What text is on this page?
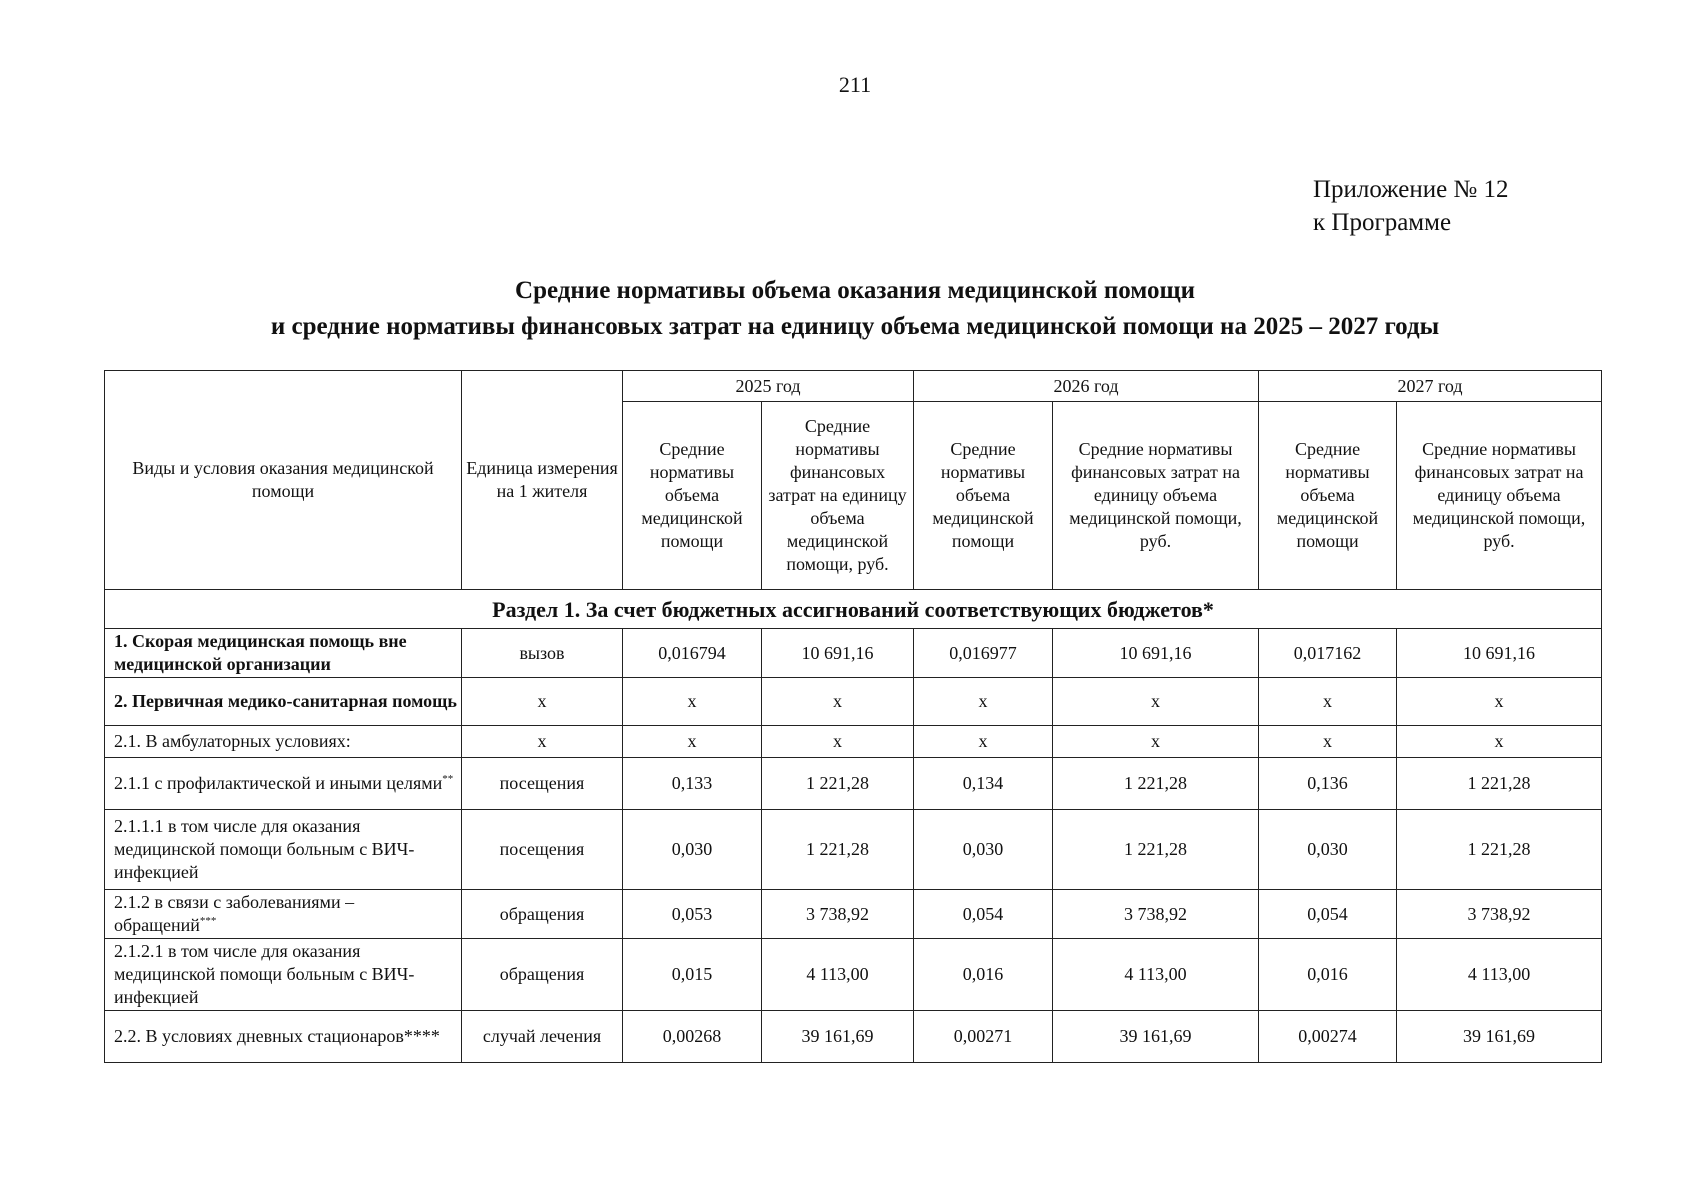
211
Приложение № 12
к Программе
Средние нормативы объема оказания медицинской помощи
и средние нормативы финансовых затрат на единицу объема медицинской помощи на 2025 – 2027 годы
Виды и условия оказания медицинской помощи	Единица измерения на 1 жителя	2025 год		2026 год		2027 год	
		Средние нормативы объема медицинской помощи	Средние нормативы финансовых затрат на единицу объема медицинской помощи, руб.	Средние нормативы объема медицинской помощи	Средние нормативы финансовых затрат на единицу объема медицинской помощи, руб.	Средние нормативы объема медицинской помощи	Средние нормативы финансовых затрат на единицу объема медицинской помощи, руб.
Раздел 1. За счет бюджетных ассигнований соответствующих бюджетов*							
1. Скорая медицинская помощь вне медицинской организации	вызов	0,016794	10 691,16	0,016977	10 691,16	0,017162	10 691,16
2. Первичная медико-санитарная помощь	х	х	х	х	х	х	х
2.1. В амбулаторных условиях:	х	х	х	х	х	х	х
2.1.1 с профилактической и иными целями**	посещения	0,133	1 221,28	0,134	1 221,28	0,136	1 221,28
2.1.1.1 в том числе для оказания медицинской помощи больным с ВИЧ-инфекцией	посещения	0,030	1 221,28	0,030	1 221,28	0,030	1 221,28
2.1.2 в связи с заболеваниями – обращений***	обращения	0,053	3 738,92	0,054	3 738,92	0,054	3 738,92
2.1.2.1 в том числе для оказания медицинской помощи больным с ВИЧ-инфекцией	обращения	0,015	4 113,00	0,016	4 113,00	0,016	4 113,00
2.2. В условиях дневных стационаров****	случай лечения	0,00268	39 161,69	0,00271	39 161,69	0,00274	39 161,69
